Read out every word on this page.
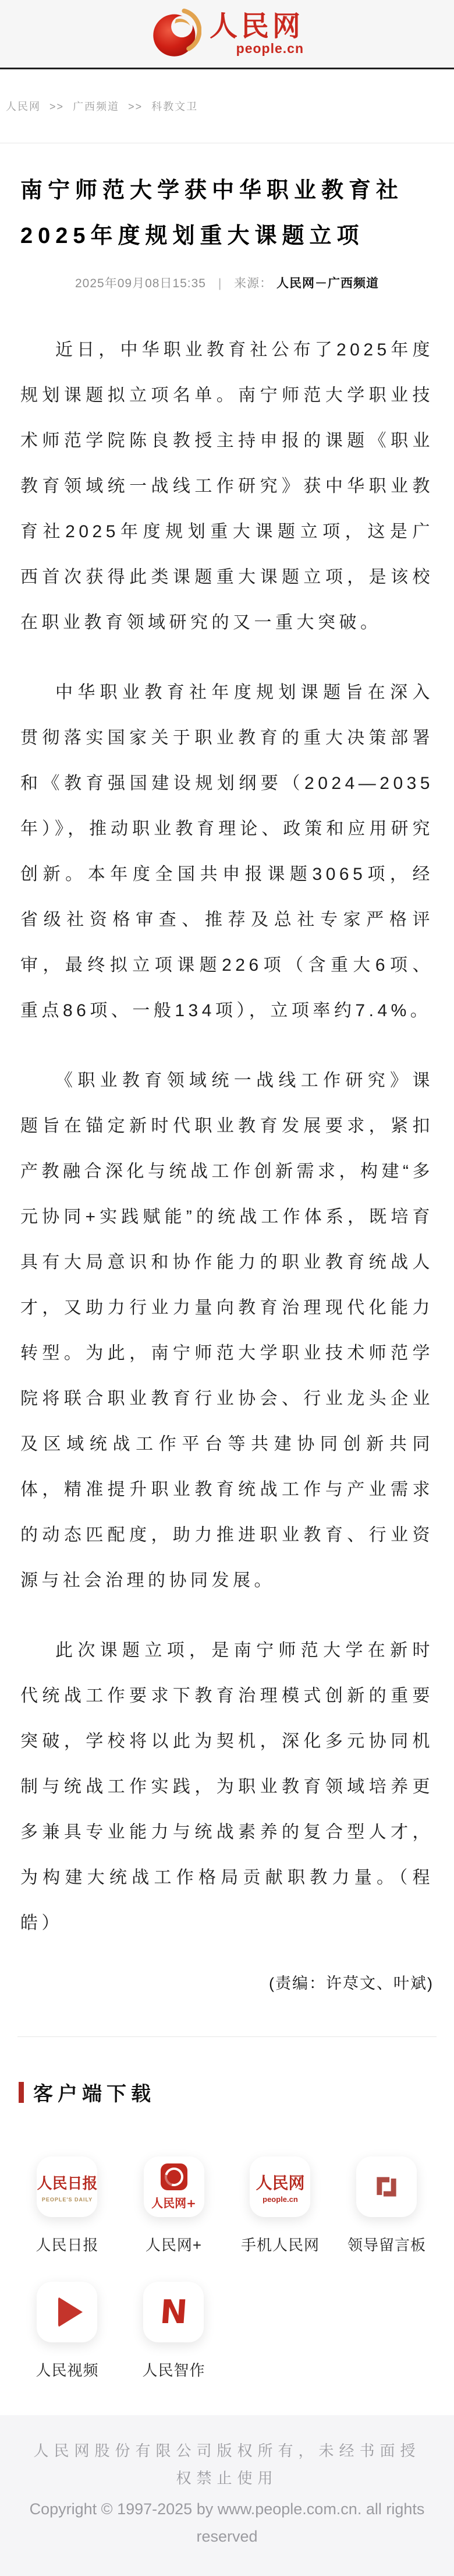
人民网
people.cn
人民网 >> 广西频道 >> 科教文卫
南宁师范大学获中华职业教育社2025年度规划重大课题立项
2025年09月08日15:35 | 来源： 人民网－广西频道

近日，中华职业教育社公布了2025年度规划课题拟立项名单。南宁师范大学职业技术师范学院陈良教授主持申报的课题《职业教育领域统一战线工作研究》获中华职业教育社2025年度规划重大课题立项，这是广西首次获得此类课题重大课题立项，是该校在职业教育领域研究的又一重大突破。

中华职业教育社年度规划课题旨在深入贯彻落实国家关于职业教育的重大决策部署和《教育强国建设规划纲要（2024—2035年）》，推动职业教育理论、政策和应用研究创新。本年度全国共申报课题3065项，经省级社资格审查、推荐及总社专家严格评审，最终拟立项课题226项（含重大6项、重点86项、一般134项），立项率约7.4%。

《职业教育领域统一战线工作研究》课题旨在锚定新时代职业教育发展要求，紧扣产教融合深化与统战工作创新需求，构建“多元协同+实践赋能”的统战工作体系，既培育具有大局意识和协作能力的职业教育统战人才，又助力行业力量向教育治理现代化能力转型。为此，南宁师范大学职业技术师范学院将联合职业教育行业协会、行业龙头企业及区域统战工作平台等共建协同创新共同体，精准提升职业教育统战工作与产业需求的动态匹配度，助力推进职业教育、行业资源与社会治理的协同发展。

此次课题立项，是南宁师范大学在新时代统战工作要求下教育治理模式创新的重要突破，学校将以此为契机，深化多元协同机制与统战工作实践，为职业教育领域培养更多兼具专业能力与统战素养的复合型人才，为构建大统战工作格局贡献职教力量。（程皓）

(责编：许荩文、叶斌)
客户端下载
人民日报
PEOPLE'S DAILY
人民日报
人民网+
人民网+
人民网
people.cn
手机人民网 领导留言板
人民视频
N
人民智作

人民网股份有限公司版权所有，未经书面授权禁止使用

Copyright © 1997-2025 by www.people.com.cn. all rights reserved
